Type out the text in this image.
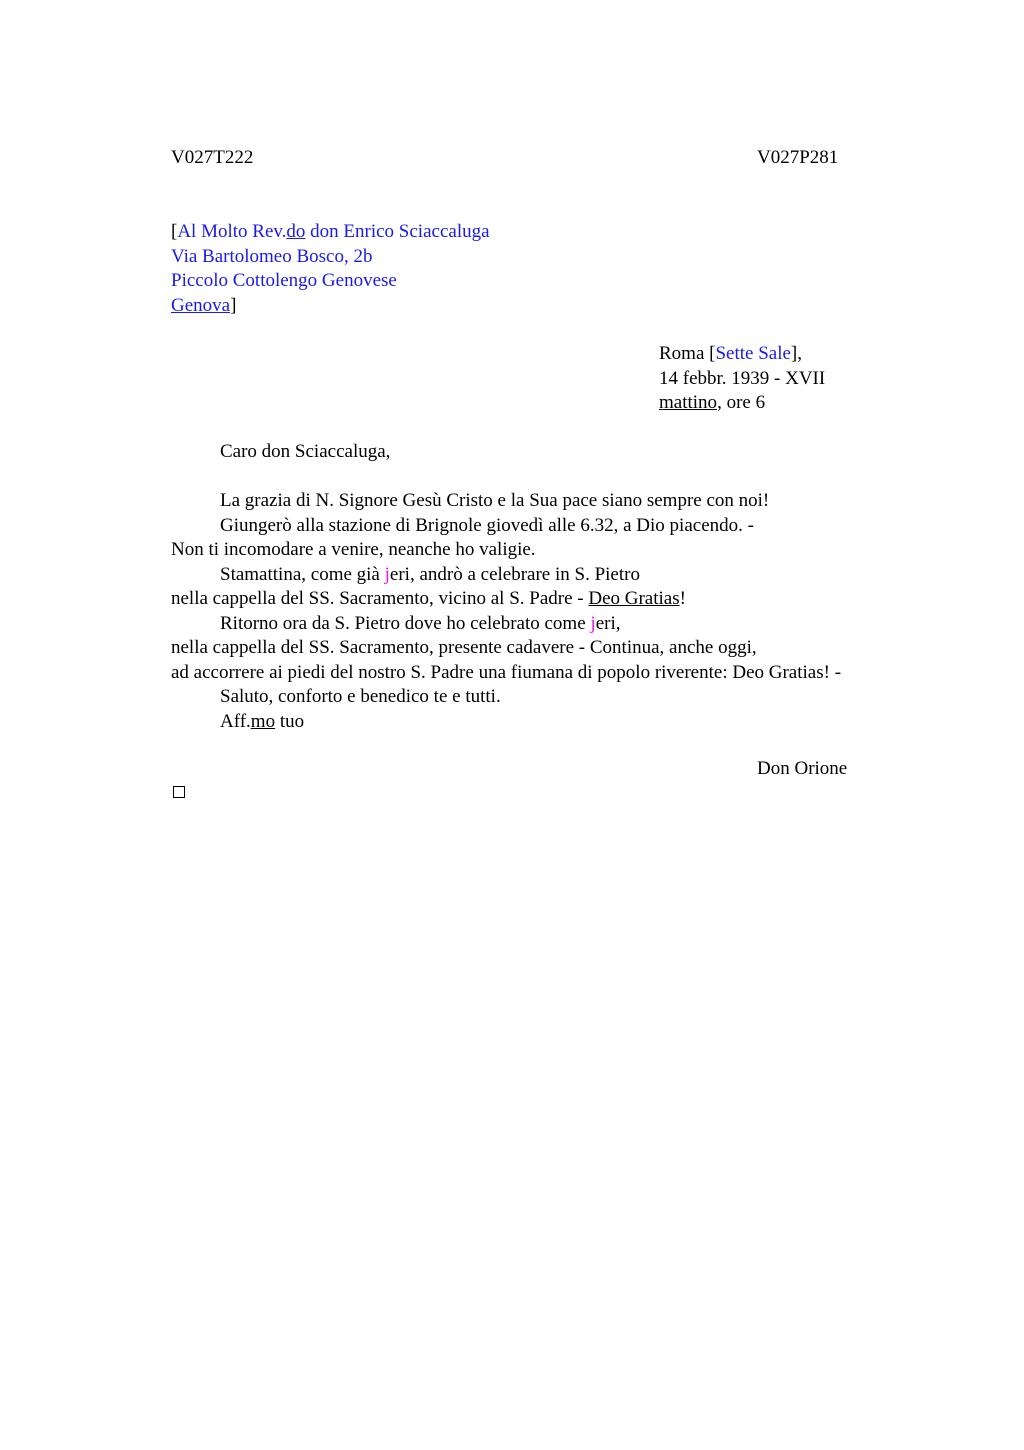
V027T222	V027P281
[Al Molto Rev.do don Enrico Sciaccaluga
Via Bartolomeo Bosco, 2b
Piccolo Cottolengo Genovese
Genova]
Roma [Sette Sale],
14 febbr. 1939 - XVII
mattino, ore 6
Caro don Sciaccaluga,
La grazia di N. Signore Gesù Cristo e la Sua pace siano sempre con noi!
Giungerò alla stazione di Brignole giovedì alle 6.32, a Dio piacendo. -
Non ti incomodare a venire, neanche ho valigie.
Stamattina, come già jeri, andrò a celebrare in S. Pietro
nella cappella del SS. Sacramento, vicino al S. Padre - Deo Gratias!
Ritorno ora da S. Pietro dove ho celebrato come jeri,
nella cappella del SS. Sacramento, presente cadavere - Continua, anche oggi,
ad accorrere ai piedi del nostro S. Padre una fiumana di popolo riverente: Deo Gratias! -
Saluto, conforto e benedico te e tutti.
Aff.mo tuo
Don Orione
